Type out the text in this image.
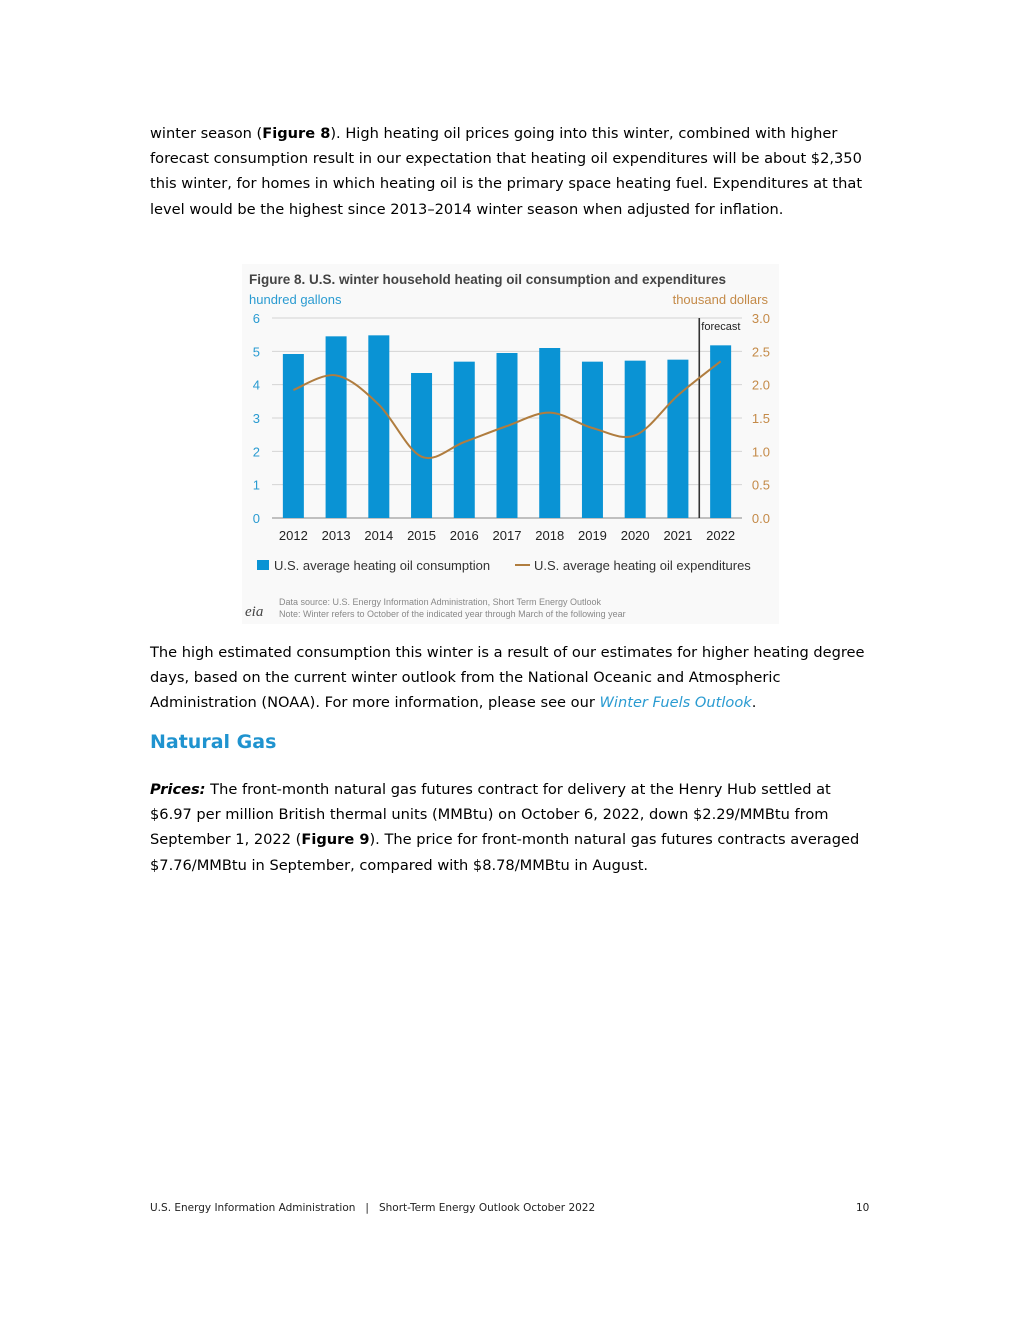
winter season (Figure 8). High heating oil prices going into this winter, combined with higher forecast consumption result in our expectation that heating oil expenditures will be about $2,350 this winter, for homes in which heating oil is the primary space heating fuel. Expenditures at that level would be the highest since 2013–2014 winter season when adjusted for inflation.

Figure 8. U.S. winter household heating oil consumption and expenditures
hundred gallons	thousand dollars
0
1
2
3
4
5
6
0.0
0.5
1.0
1.5
2.0
2.5
3.0
2012 2013 2014 2015 2016 2017 2018 2019 2020 2021 2022
forecast
U.S. average heating oil consumption	U.S. average heating oil expenditures
eia
Data source: U.S. Energy Information Administration, Short Term Energy Outlook
Note: Winter refers to October of the indicated year through March of the following year

The high estimated consumption this winter is a result of our estimates for higher heating degree days, based on the current winter outlook from the National Oceanic and Atmospheric Administration (NOAA). For more information, please see our Winter Fuels Outlook.

Natural Gas

Prices: The front-month natural gas futures contract for delivery at the Henry Hub settled at $6.97 per million British thermal units (MMBtu) on October 6, 2022, down $2.29/MMBtu from September 1, 2022 (Figure 9). The price for front-month natural gas futures contracts averaged $7.76/MMBtu in September, compared with $8.78/MMBtu in August.

U.S. Energy Information Administration   |   Short-Term Energy Outlook October 2022	10
